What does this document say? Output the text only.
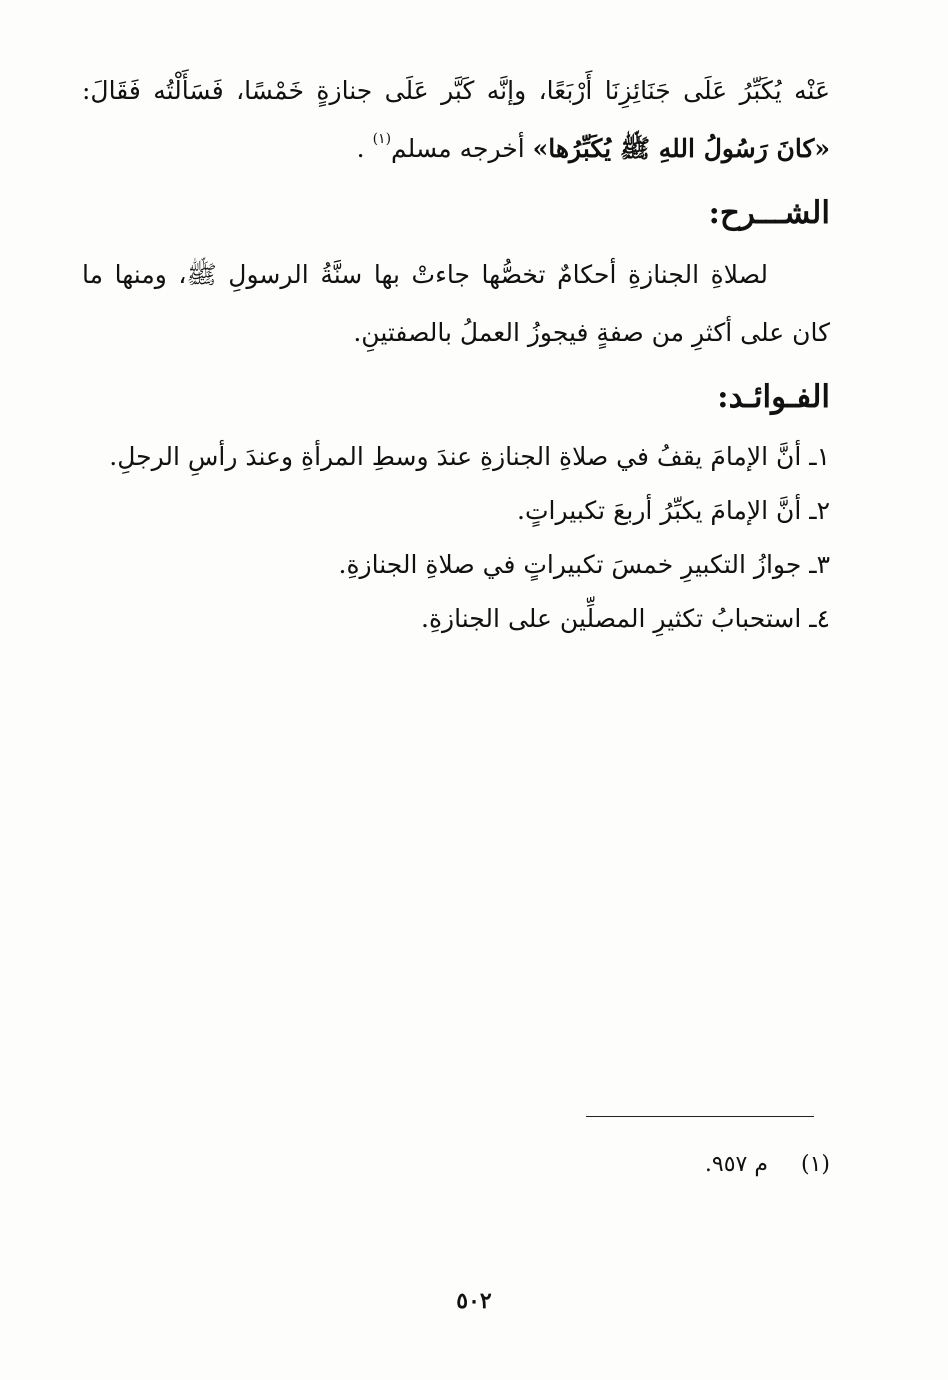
عَنْه يُكَبِّرُ عَلَى جَنَائِزِنَا أَرْبَعًا، وإنَّه كَبَّر عَلَى جنازةٍ خَمْسًا، فَسَأَلْتُه فَقَالَ: «كانَ رَسُولُ اللهِ ﷺ يُكَبِّرُها» أخرجه مسلم$^{(١)}$ .

الشـــرح:

لصلاةِ الجنازةِ أحكامٌ تخصُّها جاءتْ بها سنَّةُ الرسولِ ﷺ، ومنها ما كان على أكثرِ من صفةٍ فيجوزُ العملُ بالصفتينِ.

الفـوائـد:
١ـ أنَّ الإمامَ يقفُ في صلاةِ الجنازةِ عندَ وسطِ المرأةِ وعندَ رأسِ الرجلِ.
٢ـ أنَّ الإمامَ يكبِّرُ أربعَ تكبيراتٍ.
٣ـ جوازُ التكبيرِ خمسَ تكبيراتٍ في صلاةِ الجنازةِ.
٤ـ استحبابُ تكثيرِ المصلِّين على الجنازةِ.
(١) م ٩٥٧.
٥٠٢
